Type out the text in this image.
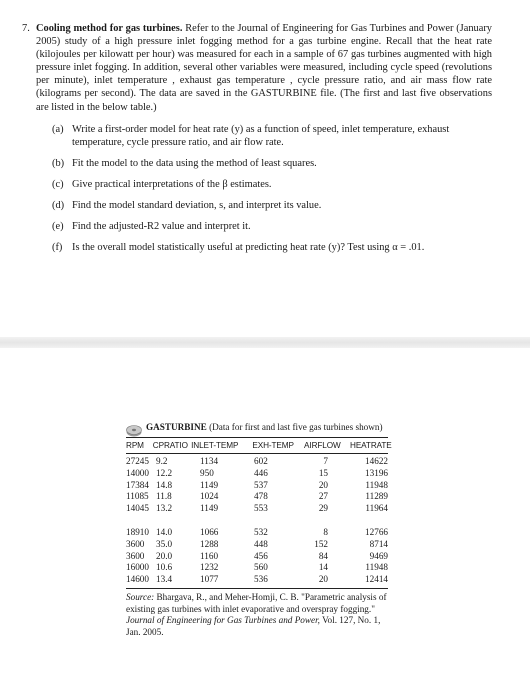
7. Cooling method for gas turbines. Refer to the Journal of Engineering for Gas Turbines and Power (January 2005) study of a high pressure inlet fogging method for a gas turbine engine. Recall that the heat rate (kilojoules per kilowatt per hour) was measured for each in a sample of 67 gas turbines augmented with high pressure inlet fogging. In addition, several other variables were measured, including cycle speed (revolutions per minute), inlet temperature , exhaust gas temperature , cycle pressure ratio, and air mass flow rate (kilograms per second). The data are saved in the GASTURBINE file. (The first and last five observations are listed in the below table.)
(a) Write a first-order model for heat rate (y) as a function of speed, inlet temperature, exhaust temperature, cycle pressure ratio, and air flow rate.
(b) Fit the model to the data using the method of least squares.
(c) Give practical interpretations of the β estimates.
(d) Find the model standard deviation, s, and interpret its value.
(e) Find the adjusted-R2 value and interpret it.
(f) Is the overall model statistically useful at predicting heat rate (y)? Test using α = .01.
GASTURBINE (Data for first and last five gas turbines shown)
RPM	CPRATIO INLET-TEMP	EXH-TEMP	AIRFLOW	HEATRATE
27245 9.2	1134	602	7	14622
14000 12.2	950	446	15	13196
17384 14.8	1149	537	20	11948
11085 11.8	1024	478	27	11289
14045 13.2	1149	553	29	11964
18910 14.0	1066	532	8	12766
3600	35.0	1288	448	152	8714
3600	20.0	1160	456	84	9469
16000 10.6	1232	560	14	11948
14600 13.4	1077	536	20	12414
Source: Bhargava, R., and Meher-Homji, C. B. "Parametric analysis of existing gas turbines with inlet evaporative and overspray fogging." Journal of Engineering for Gas Turbines and Power, Vol. 127, No. 1, Jan. 2005.
